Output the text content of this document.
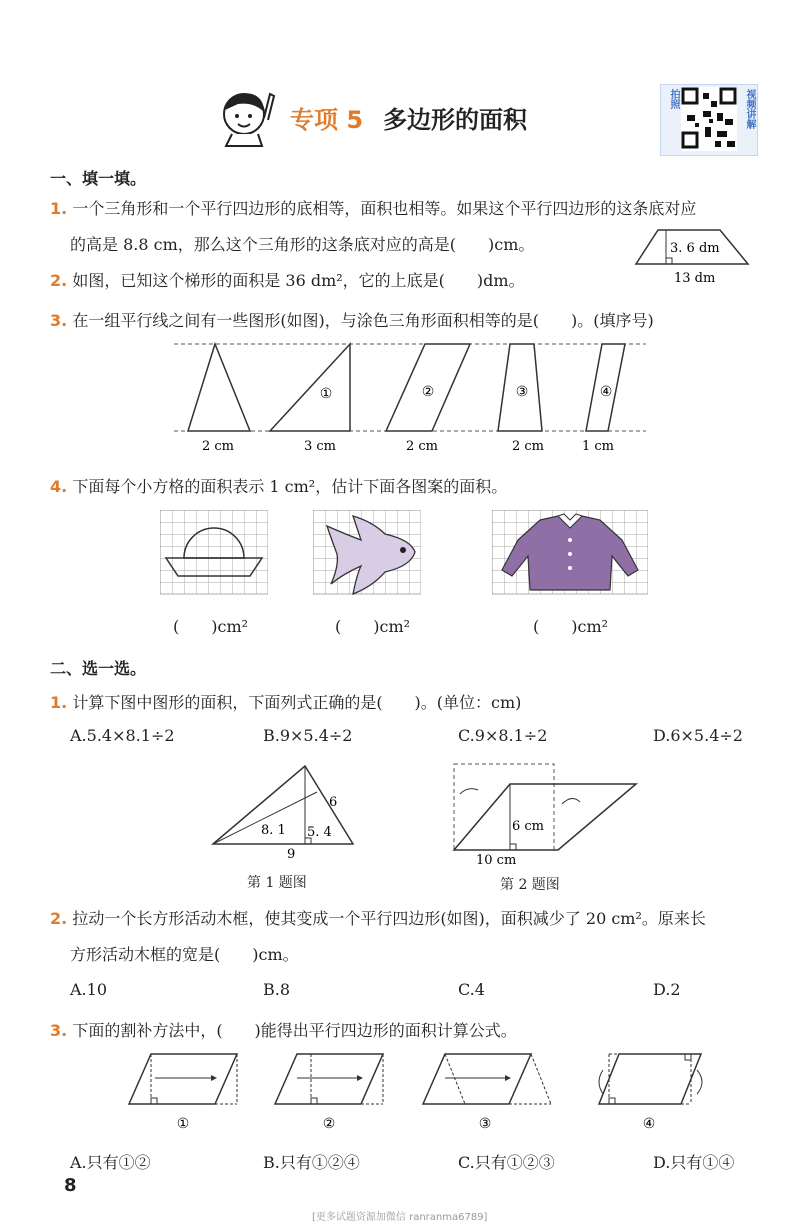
专项 5 多边形的面积
拍照	视频讲解
一、填一填。
1. 一个三角形和一个平行四边形的底相等，面积也相等。如果这个平行四边形的这条底对应
的高是 8.8 cm，那么这个三角形的这条底对应的高是(　　)cm。
2. 如图，已知这个梯形的面积是 36 dm²，它的上底是(　　)dm。
3. 6 dm
13 dm
3. 在一组平行线之间有一些图形(如图)，与涂色三角形面积相等的是(　　)。(填序号)
①	②	③	④
2 cm	3 cm	2 cm	2 cm	1 cm
4. 下面每个小方格的面积表示 1 cm²，估计下面各图案的面积。
(　　)cm²	(　　)cm²	(　　)cm²
二、选一选。
1. 计算下图中图形的面积，下面列式正确的是(　　)。(单位：cm)
A.5.4×8.1÷2	B.9×5.4÷2	C.9×8.1÷2	D.6×5.4÷2
8. 1 5. 4
6
9
第 1 题图
6 cm
10 cm
第 2 题图
2. 拉动一个长方形活动木框，使其变成一个平行四边形(如图)，面积减少了 20 cm²。原来长
方形活动木框的宽是(　　)cm。
A.10	B.8	C.4	D.2
3. 下面的割补方法中，(　　)能得出平行四边形的面积计算公式。
①	②	③	④
A.只有①②	B.只有①②④	C.只有①②③	D.只有①④
8
[更多试题资源加微信 ranranma6789]
